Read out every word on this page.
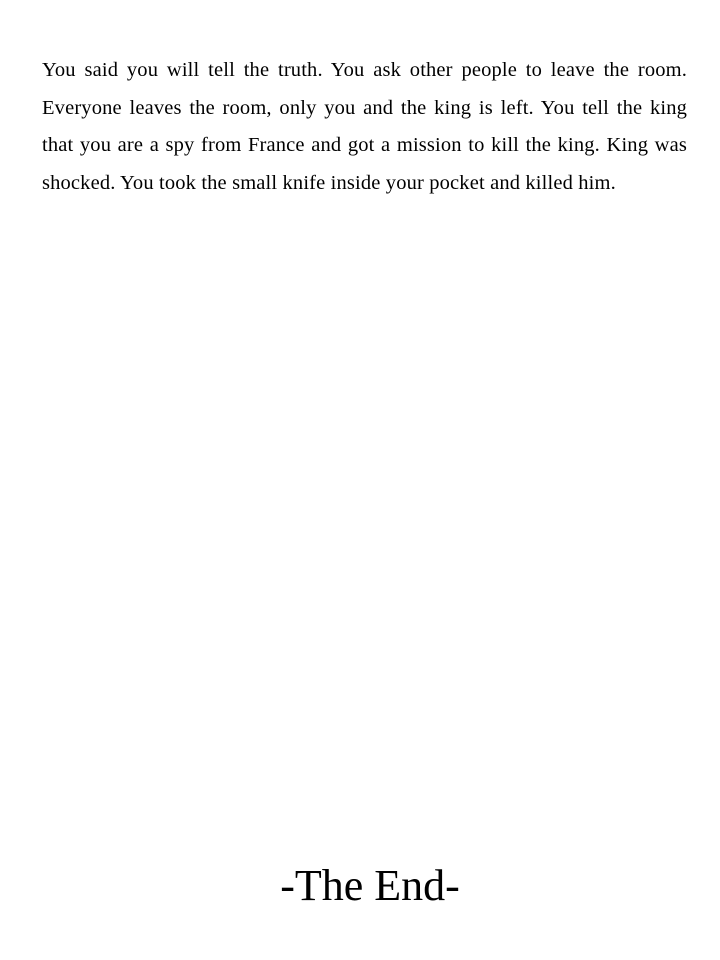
You said you will tell the truth. You ask other people to leave the room. Everyone leaves the room, only you and the king is left. You tell the king that you are a spy from France and got a mission to kill the king. King was shocked. You took the small knife inside your pocket and killed him.

-The End-
